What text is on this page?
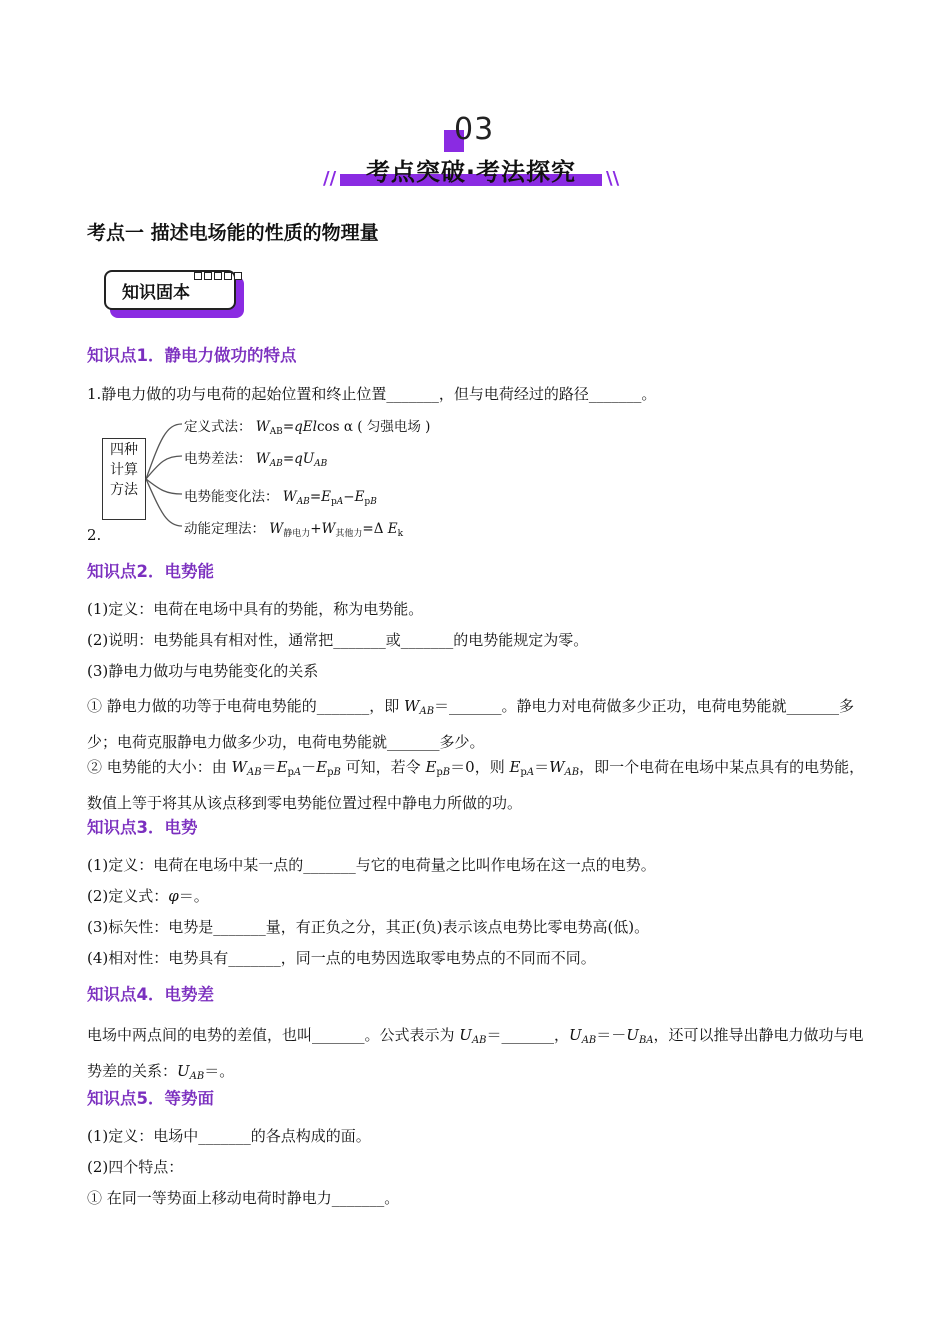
03
//	考点突破·考法探究	\\
考点一 描述电场能的性质的物理量
知识固本
知识点1．静电力做功的特点
1.静电力做的功与电荷的起始位置和终止位置_______，但与电荷经过的路径_______。
四种
计算
方法
定义式法： $W_{AB}=qElcos$ α ( 匀强电场 )
电势差法： $W_{AB}=qU_{AB}$
电势能变化法： $W_{AB}=E_{pA}-E_{pB}$
动能定理法： $W_{静电力}+W_{其他力}=\Delta$ $E_k$
2.
知识点2．电势能
(1)定义：电荷在电场中具有的势能，称为电势能。
(2)说明：电势能具有相对性，通常把_______或_______的电势能规定为零。
(3)静电力做功与电势能变化的关系
① 静电力做的功等于电荷电势能的_______，即 $W_{AB}=\_\_\_\_\_\_\_$。静电力对电荷做多少正功，电荷电势能就_______多少；电荷克服静电力做多少功，电荷电势能就_______多少。
② 电势能的大小：由 $W_{AB}=E_{pA}-E_{pB}$ 可知，若令 $E_{pB}=0$，则 $E_{pA}=W_{AB}$，即一个电荷在电场中某点具有的电势能，数值上等于将其从该点移到零电势能位置过程中静电力所做的功。
知识点3．电势
(1)定义：电荷在电场中某一点的_______与它的电荷量之比叫作电场在这一点的电势。
(2)定义式：φ＝。
(3)标矢性：电势是_______量，有正负之分，其正(负)表示该点电势比零电势高(低)。
(4)相对性：电势具有_______，同一点的电势因选取零电势点的不同而不同。
知识点4．电势差
电场中两点间的电势的差值，也叫_______。公式表示为 $U_{AB}=\_\_\_\_\_\_\_$，$U_{AB}=-U_{BA}$，还可以推导出静电力做功与电势差的关系：$U_{AB}=$。
知识点5．等势面
(1)定义：电场中_______的各点构成的面。
(2)四个特点：
① 在同一等势面上移动电荷时静电力_______。
